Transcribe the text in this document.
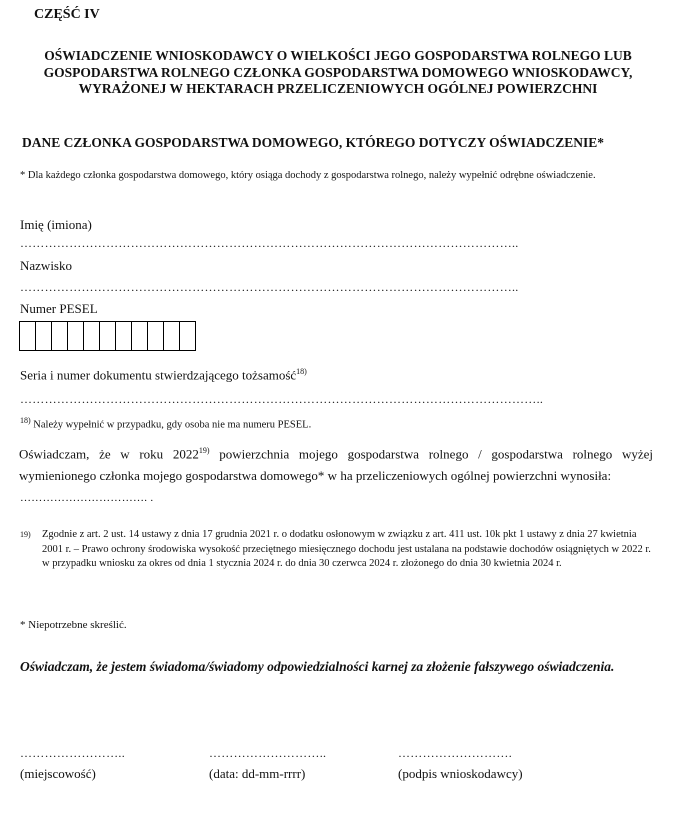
CZĘŚĆ IV
OŚWIADCZENIE WNIOSKODAWCY O WIELKOŚCI JEGO GOSPODARSTWA ROLNEGO LUB GOSPODARSTWA ROLNEGO CZŁONKA GOSPODARSTWA DOMOWEGO WNIOSKODAWCY, WYRAŻONEJ W HEKTARACH PRZELICZENIOWYCH OGÓLNEJ POWIERZCHNI
DANE CZŁONKA GOSPODARSTWA DOMOWEGO, KTÓREGO DOTYCZY OŚWIADCZENIE*
* Dla każdego członka gospodarstwa domowego, który osiąga dochody z gospodarstwa rolnego, należy wypełnić odrębne oświadczenie.
Imię (imiona)
…………………………………………………………………………………………………………..
Nazwisko
…………………………………………………………………………………………………………..
Numer PESEL
Seria i numer dokumentu stwierdzającego tożsamość$^{18)}$
………………………………………………………………………………………………………………..
$^{18)}$ Należy wypełnić w przypadku, gdy osoba nie ma numeru PESEL.
Oświadczam, że w roku 2022$^{19)}$ powierzchnia mojego gospodarstwa rolnego / gospodarstwa rolnego wyżej wymienionego członka mojego gospodarstwa domowego* w ha przeliczeniowych ogólnej powierzchni wynosiła:
……………………………. .
19) Zgodnie z art. 2 ust. 14 ustawy z dnia 17 grudnia 2021 r. o dodatku osłonowym w związku z art. 411 ust. 10k pkt 1 ustawy z dnia 27 kwietnia 2001 r. – Prawo ochrony środowiska wysokość przeciętnego miesięcznego dochodu jest ustalana na podstawie dochodów osiągniętych w 2022 r. w przypadku wniosku za okres od dnia 1 stycznia 2024 r. do dnia 30 czerwca 2024 r. złożonego do dnia 30 kwietnia 2024 r.
* Niepotrzebne skreślić.
Oświadczam, że jestem świadoma/świadomy odpowiedzialności karnej za złożenie fałszywego oświadczenia.
……………………..
(miejscowość)
………………………..
(data: dd-mm-rrrr)
……………………….
(podpis wnioskodawcy)
